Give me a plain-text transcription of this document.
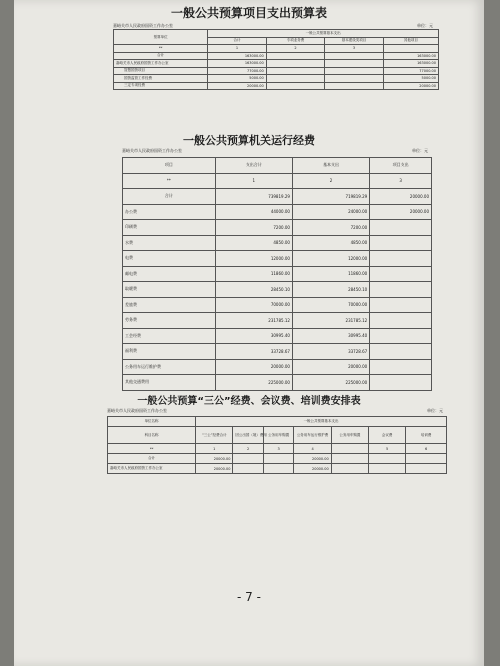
一般公共预算项目支出预算表
嘉峪关市人民政府国资工作办公室	单位：元
预算单位	一般公共预算基本支出			
	合计	专项业务费	基本建设类项目	其他项目
**	1	2	3	
合计	163000.00			163000.00
嘉峪关市人民政府国资工作办公室	163000.00			163000.00
智慧国资项目	77000.00			77000.00
国资监管工作经费	5000.00			5000.00
三定专项经费	20000.00			20000.00
一般公共预算机关运行经费
嘉峪关市人民政府国资工作办公室	单位：元
项目	支出合计	基本支出	项目支出
**	1	2	3
合计	739819.29	719819.29	20000.00
办公费	44000.00	24000.00	20000.00
印刷费	7200.00	7200.00	
水费	4850.00	4850.00	
电费	12000.00	12000.00	
邮电费	11860.00	11860.00	
取暖费	28450.10	28450.10	
差旅费	70000.00	70000.00	
劳务费	231785.12	231785.12	
工会经费	30995.40	30995.40	
福利费	33728.67	33728.67	
公务用车运行维护费	20000.00	20000.00	
其他交通费用	225000.00	225000.00	
一般公共预算“三公”经费、会议费、培训费安排表
嘉峪关市人民政府国资工作办公室	单位：元
单位名称	一般公共预算基本支出						
科目名称	“三公”经费合计	因公出国（境）费用	公务用车购置	公务用车运行维护费	公务用车购置	会议费	培训费
**	1	2	3	4		5	6
合计	20000.00			20000.00			
嘉峪关市人民政府国资工作办公室	20000.00			20000.00			
- 7 -
